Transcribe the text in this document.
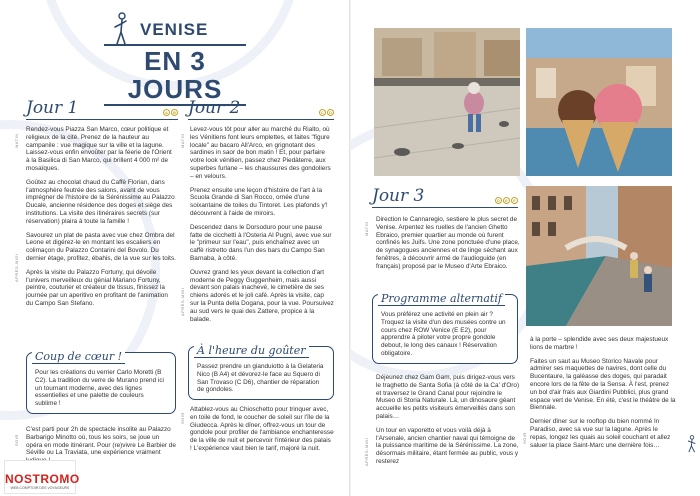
VENISE
EN 3 JOURS
Jour 1	A	B
MATIN
APRÈS-MIDI
SOIR

Rendez-vous Piazza San Marco, cœur politique et religieux de la cité. Prenez de la hauteur au campanile : vue magique sur la ville et la lagune. Laissez-vous enfin envoûter par la féerie de l'Orient à la Basilica di San Marco, qui brillent 4 000 m² de mosaïques.

Goûtez au chocolat chaud du Caffè Florian, dans l'atmosphère feutrée des salons, avant de vous imprégner de l'histoire de la Sérénissime au Palazzo Ducale, ancienne résidence des doges et siège des institutions. La visite des itinéraires secrets (sur réservation) plaira à toute la famille !

Savourez un plat de pasta avec vue chez Ombra del Leone et digérez-le en montant les escaliers en colimaçon du Palazzo Contarini del Bovolo. Du dernier étage, profitez, ébahis, de la vue sur les toits.

Après la visite du Palazzo Fortuny, qui dévoile l'univers merveilleux du génial Mariano Fortuny, peintre, couturier et créateur de tissus, finissez la journée par un aperitivo en profitant de l'animation du Campo San Stefano.

Coup de cœur !
Pour les créations du verrier Carlo Moretti (B C2). La tradition du verre de Murano prend ici un tournant moderne, avec des lignes essentielles et une palette de couleurs sublime !

C'est parti pour 2h de spectacle insolite au Palazzo Barbarigo Minotto où, tous les soirs, se joue un opéra en mode itinérant. Pour (re)vivre Le Barbier de Séville ou La Traviata, une expérience vraiment

Jour 2	C	D
MATIN
APRÈS-MIDI
SOIR

Levez-vous tôt pour aller au marché du Rialto, où les Vénitiens font leurs emplettes, et faites "figure locale" au bacaro All'Arco, en grignotant des sardines in saor de bon matin ! Et, pour parfaire votre look vénitien, passez chez Piedàterre, aux superbes furlane – les chaussures des gondoliers – en velours.

Prenez ensuite une leçon d'histoire de l'art à la Scuola Grande di San Rocco, ornée d'une soixantaine de toiles du Tintoret. Les plafonds y'! découvrent à l'aide de miroirs.

Descendez dans le Dorsoduro pour une pause fatte de cicchetti à l'Osteria Al Pugni, avec vue sur le "primeur sur l'eau", puis enchaînez avec un caffè ristretto dans l'un des bars du Campo San Barnaba, à côté.

Ouvrez grand les yeux devant la collection d'art moderne de Peggy Guggenheim, mais aussi devant son palais inachevé, le cimetière de ses chiens adorés et le joli café. Après la visite, cap sur la Punta della Dogana, pour la vue. Poursuivez au sud vers le quai des Zattere, propice à la balade.

À l'heure du goûter
Passez prendre un gianduiotto à la Gelateria Nico (B A4) et dévorez-le face au Squero di San Trovaso (C D6), chantier de réparation de gondoles.

Attablez-vous au Chioschetto pour trinquer avec, en toile de fond, le coucher de soleil sur l'île de la Giudecca. Après le dîner, offrez-vous un tour de gondole pour profiter de l'ambiance enchanteresse de la ville de nuit et percevoir l'intérieur des palais ! L'expérience vaut bien le tarif, majoré la nuit.

NOSTROMO
WEB COMPTOIR DES VOYAGEURS
Jour 3	D	E	F
MATIN
APRÈS-MIDI	SOIR

Direction le Cannaregio, sestiere le plus secret de Venise. Arpentez les ruelles de l'ancien Ghetto Ebraico, premier quartier au monde où furent confinés les Juifs. Une zone ponctuée d'une place, de synagogues anciennes et de linge séchant aux fenêtres, à découvrir armé de l'audioguide (en français) proposé par le Museo d'Arte Ebraico.

Programme alternatif
Vous préférez une activité en plein air ? Troquez la visite d'un des musées contre un cours chez ROW Venice (E E2), pour apprendre à piloter votre propre gondole debout, le long des canaux ! Réservation obligatoire.

Déjeunez chez Gam Gam, puis dirigez-vous vers le traghetto de Santa Sofia (à côté de la Ca' d'Oro) et traversez le Grand Canal pour rejoindre le Museo di Storia Naturale. Là, un dinosaure géant accueille les petits visiteurs émerveillés dans son palais…

Un tour en vaporetto et vous voilà déjà à l'Arsenale, ancien chantier naval qui témoigne de la puissance maritime de la Sérénissime. La zone, désormais militaire, étant fermée au public, vous y resterez

à la porte – splendide avec ses deux majestueux lions de marbre !

Faites un saut au Museo Storico Navale pour admirer ses maquettes de navires, dont celle du Bucentaure, la galéasse des doges, qui paradait encore lors de la fête de la Sensa. À l'est, prenez un bol d'air frais aux Giardini Pubblici, plus grand espace vert de Venise. En été, c'est le théâtre de la Biennale.

Dernier dîner sur le rooftop du bien nommé In Paradiso, avec sa vue sur la lagune. Après le repas, longez les quais au soleil couchant et allez saluer la place Saint-Marc une dernière fois…
